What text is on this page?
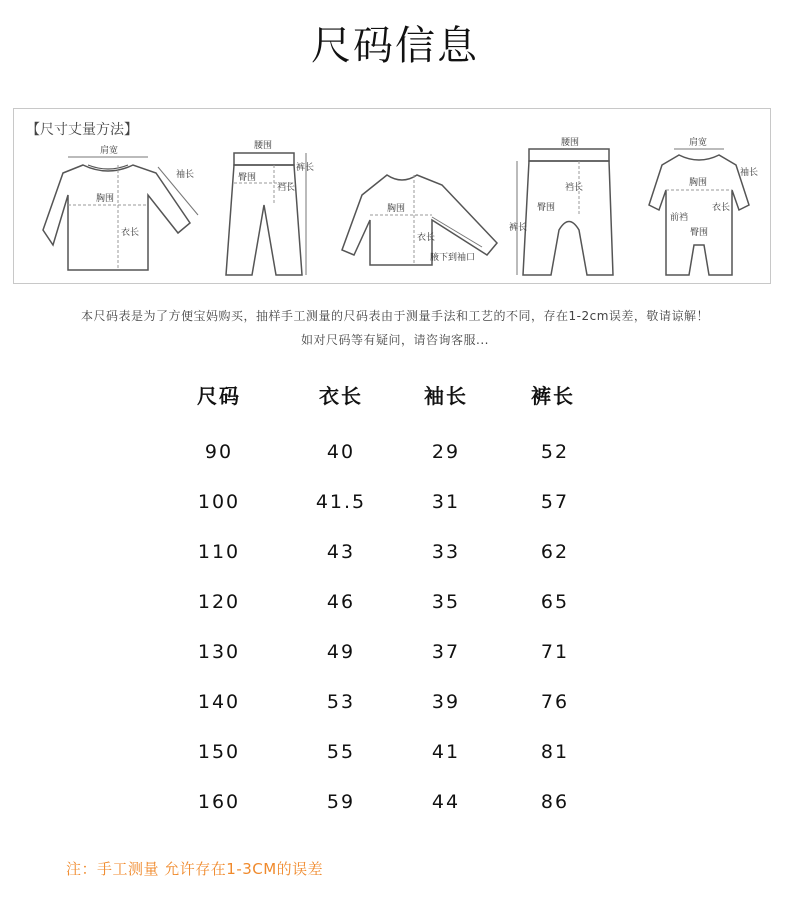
尺码信息
【尺寸丈量方法】
肩宽
袖长
胸围
衣长
腰围
臀围
裆长
裤长
胸围
衣长
腋下到袖口
腰围
裆长
臀围
裤长
肩宽
胸围
袖长
衣长
前裆
臀围
本尺码表是为了方便宝妈购买，抽样手工测量的尺码表由于测量手法和工艺的不同，存在1-2cm误差，敬请谅解！
如对尺码等有疑问，请咨询客服...
尺码	衣长	袖长	裤长
90	40	29	52
100	41.5	31	57
110	43	33	62
120	46	35	65
130	49	37	71
140	53	39	76
150	55	41	81
160	59	44	86
注：手工测量 允许存在1-3CM的误差
